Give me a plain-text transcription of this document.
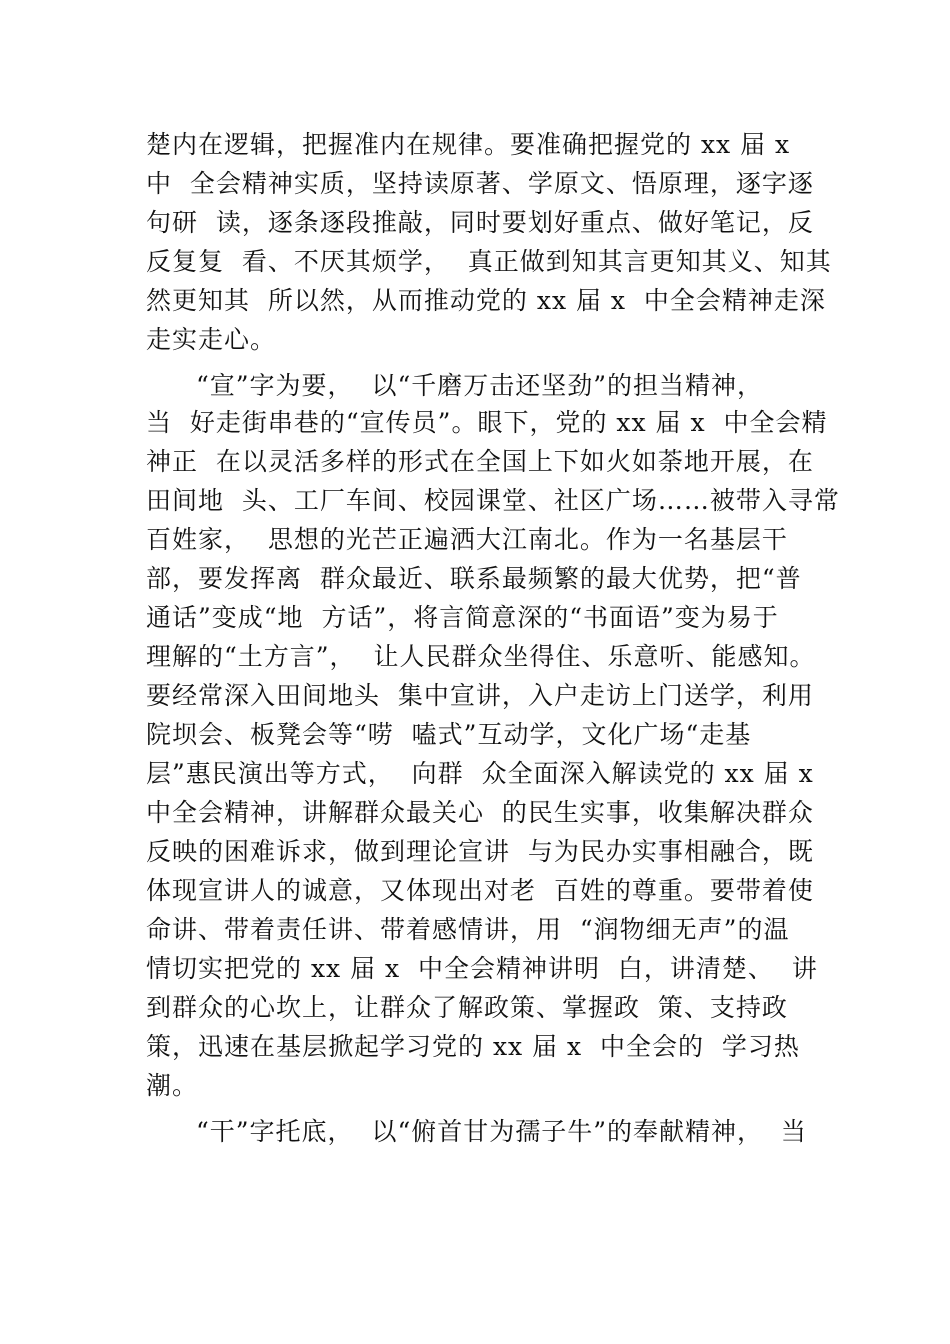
楚内在逻辑，把握准内在规律。要准确把握党的 xx 届 x
中  全会精神实质，坚持读原著、学原文、悟原理，逐字逐
句研  读，逐条逐段推敲，同时要划好重点、做好笔记，反
反复复  看、不厌其烦学，  真正做到知其言更知其义、知其
然更知其  所以然，从而推动党的 xx 届 x  中全会精神走深
走实走心。
“宣”字为要，  以“千磨万击还坚劲”的担当精神，
当  好走街串巷的“宣传员”。眼下，党的 xx 届 x  中全会精
神正  在以灵活多样的形式在全国上下如火如荼地开展，在
田间地  头、工厂车间、校园课堂、社区广场……被带入寻常
百姓家，  思想的光芒正遍洒大江南北。作为一名基层干
部，要发挥离  群众最近、联系最频繁的最大优势，把“普
通话”变成“地  方话”，将言简意深的“书面语”变为易于
理解的“土方言”，  让人民群众坐得住、乐意听、能感知。
要经常深入田间地头  集中宣讲，入户走访上门送学，利用
院坝会、板凳会等“唠  嗑式”互动学，文化广场“走基
层”惠民演出等方式，  向群  众全面深入解读党的 xx 届 x
中全会精神，讲解群众最关心  的民生实事，收集解决群众
反映的困难诉求，做到理论宣讲  与为民办实事相融合，既
体现宣讲人的诚意，又体现出对老  百姓的尊重。要带着使
命讲、带着责任讲、带着感情讲，用  “润物细无声”的温
情切实把党的 xx 届 x  中全会精神讲明  白，讲清楚、  讲
到群众的心坎上，让群众了解政策、掌握政  策、支持政
策，迅速在基层掀起学习党的 xx 届 x  中全会的  学习热
潮。
“干”字托底，  以“俯首甘为孺子牛”的奉献精神，  当
